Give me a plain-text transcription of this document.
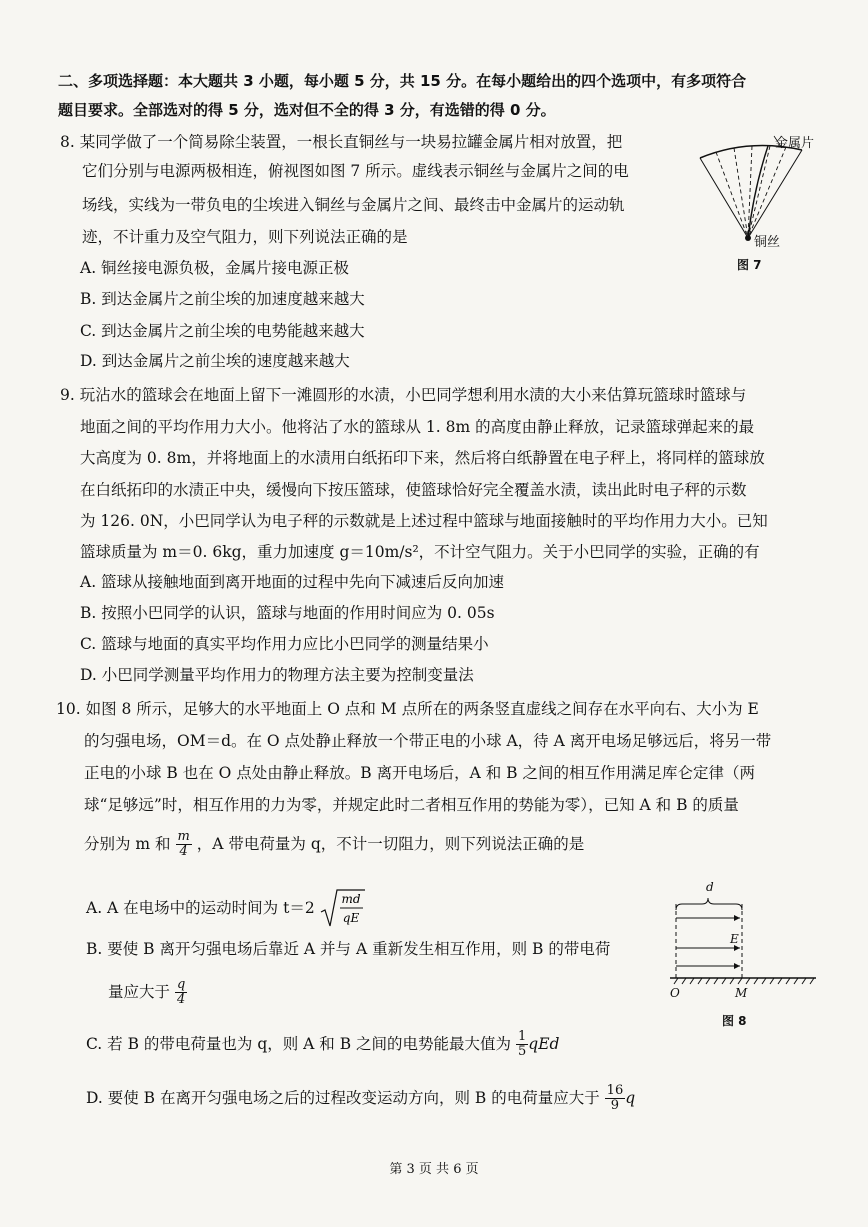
二、多项选择题：本大题共 3 小题，每小题 5 分，共 15 分。在每小题给出的四个选项中，有多项符合
题目要求。全部选对的得 5 分，选对但不全的得 3 分，有选错的得 0 分。
8. 某同学做了一个简易除尘装置，一根长直铜丝与一块易拉罐金属片相对放置，把
它们分别与电源两极相连，俯视图如图 7 所示。虚线表示铜丝与金属片之间的电
场线，实线为一带负电的尘埃进入铜丝与金属片之间、最终击中金属片的运动轨
迹，不计重力及空气阻力，则下列说法正确的是
A. 铜丝接电源负极，金属片接电源正极
B. 到达金属片之前尘埃的加速度越来越大
C. 到达金属片之前尘埃的电势能越来越大
D. 到达金属片之前尘埃的速度越来越大
金属片
铜丝
图 7
9. 玩沾水的篮球会在地面上留下一滩圆形的水渍，小巴同学想利用水渍的大小来估算玩篮球时篮球与
地面之间的平均作用力大小。他将沾了水的篮球从 1. 8m 的高度由静止释放，记录篮球弹起来的最
大高度为 0. 8m，并将地面上的水渍用白纸拓印下来，然后将白纸静置在电子秤上，将同样的篮球放
在白纸拓印的水渍正中央，缓慢向下按压篮球，使篮球恰好完全覆盖水渍，读出此时电子秤的示数
为 126. 0N，小巴同学认为电子秤的示数就是上述过程中篮球与地面接触时的平均作用力大小。已知
篮球质量为 m＝0. 6kg，重力加速度 g＝10m/s²，不计空气阻力。关于小巴同学的实验，正确的有
A. 篮球从接触地面到离开地面的过程中先向下减速后反向加速
B. 按照小巴同学的认识，篮球与地面的作用时间应为 0. 05s
C. 篮球与地面的真实平均作用力应比小巴同学的测量结果小
D. 小巴同学测量平均作用力的物理方法主要为控制变量法
10. 如图 8 所示，足够大的水平地面上 O 点和 M 点所在的两条竖直虚线之间存在水平向右、大小为 E
的匀强电场，OM＝d。在 O 点处静止释放一个带正电的小球 A，待 A 离开电场足够远后，将另一带
正电的小球 B 也在 O 点处由静止释放。B 离开电场后，A 和 B 之间的相互作用满足库仑定律（两
球“足够远”时，相互作用的力为零，并规定此时二者相互作用的势能为零），已知 A 和 B 的质量
分别为 m 和 $\frac{m}{4}$ ，A 带电荷量为 q，不计一切阻力，则下列说法正确的是
A. A 在电场中的运动时间为 t＝2 md
qE
B. 要使 B 离开匀强电场后靠近 A 并与 A 重新发生相互作用，则 B 的带电荷
量应大于 $\frac{q}{4}$
C. 若 B 的带电荷量也为 q，则 A 和 B 之间的电势能最大值为 $\frac{1}{5}$ qEd
D. 要使 B 在离开匀强电场之后的过程改变运动方向，则 B 的电荷量应大于 $\frac{16}{9}$ q
d
E
O	M
图 8
第 3 页 共 6 页
